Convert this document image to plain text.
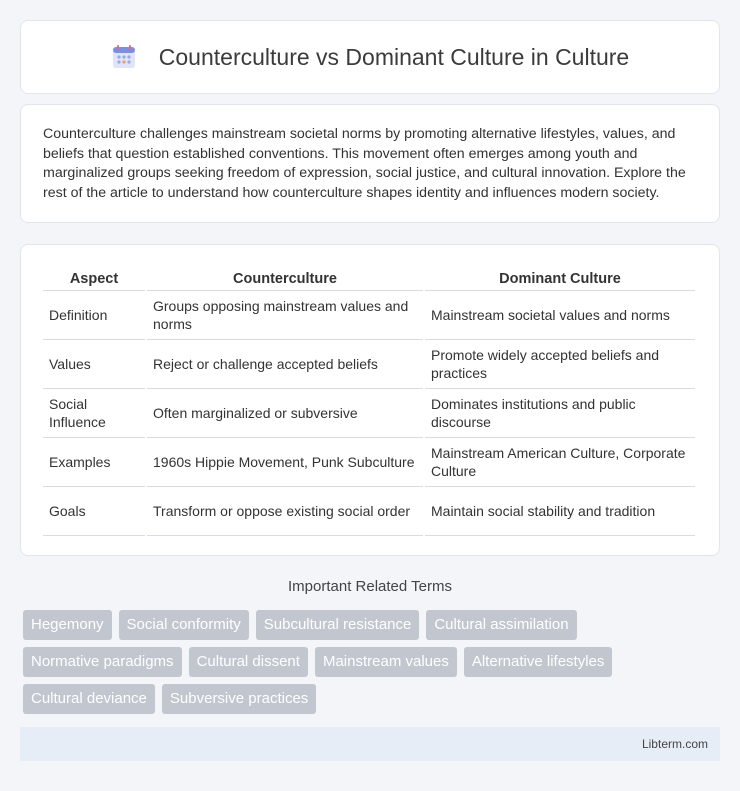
Counterculture vs Dominant Culture in Culture

Counterculture challenges mainstream societal norms by promoting alternative lifestyles, values, and beliefs that question established conventions. This movement often emerges among youth and marginalized groups seeking freedom of expression, social justice, and cultural innovation. Explore the rest of the article to understand how counterculture shapes identity and influences modern society.

Aspect	Counterculture	Dominant Culture
Definition	Groups opposing mainstream values and norms	Mainstream societal values and norms
Values	Reject or challenge accepted beliefs	Promote widely accepted beliefs and practices
Social Influence	Often marginalized or subversive	Dominates institutions and public discourse
Examples	1960s Hippie Movement, Punk Subculture	Mainstream American Culture, Corporate Culture
Goals	Transform or oppose existing social order	Maintain social stability and tradition
Important Related Terms
Hegemony	Social conformity	Subcultural resistance	Cultural assimilation
Normative paradigms	Cultural dissent	Mainstream values	Alternative lifestyles
Cultural deviance	Subversive practices
Libterm.com
